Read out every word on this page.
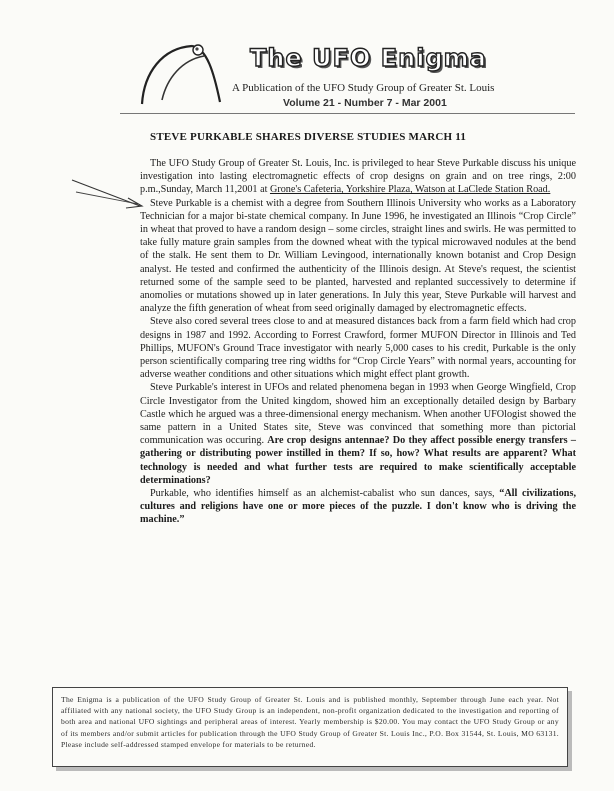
The UFO Enigma
A Publication of the UFO Study Group of Greater St. Louis
Volume 21 - Number 7 - Mar 2001
STEVE PURKABLE SHARES DIVERSE STUDIES MARCH 11

The UFO Study Group of Greater St. Louis, Inc. is privileged to hear Steve Purkable discuss his unique investigation into lasting electromagnetic effects of crop designs on grain and on tree rings, 2:00 p.m.,Sunday, March 11,2001 at Grone's Cafeteria, Yorkshire Plaza, Watson at LaClede Station Road.

Steve Purkable is a chemist with a degree from Southern Illinois University who works as a Laboratory Technician for a major bi-state chemical company. In June 1996, he investigated an Illinois “Crop Circle” in wheat that proved to have a random design – some circles, straight lines and swirls. He was permitted to take fully mature grain samples from the downed wheat with the typical microwaved nodules at the bend of the stalk. He sent them to Dr. William Levingood, internationally known botanist and Crop Design analyst. He tested and confirmed the authenticity of the Illinois design. At Steve's request, the scientist returned some of the sample seed to be planted, harvested and replanted successively to determine if anomolies or mutations showed up in later generations. In July this year, Steve Purkable will harvest and analyze the fifth generation of wheat from seed originally damaged by electromagnetic effects.

Steve also cored several trees close to and at measured distances back from a farm field which had crop designs in 1987 and 1992. According to Forrest Crawford, former MUFON Director in Illinois and Ted Phillips, MUFON's Ground Trace investigator with nearly 5,000 cases to his credit, Purkable is the only person scientifically comparing tree ring widths for “Crop Circle Years” with normal years, accounting for adverse weather conditions and other situations which might effect plant growth.

Steve Purkable's interest in UFOs and related phenomena began in 1993 when George Wingfield, Crop Circle Investigator from the United kingdom, showed him an exceptionally detailed design by Barbary Castle which he argued was a three-dimensional energy mechanism. When another UFOlogist showed the same pattern in a United States site, Steve was convinced that something more than pictorial communication was occuring. Are crop designs antennae? Do they affect possible energy transfers – gathering or distributing power instilled in them? If so, how? What results are apparent? What technology is needed and what further tests are required to make scientifically acceptable determinations?

Purkable, who identifies himself as an alchemist-cabalist who sun dances, says, “All civilizations, cultures and religions have one or more pieces of the puzzle. I don't know who is driving the machine.”

The Enigma is a publication of the UFO Study Group of Greater St. Louis and is published monthly, September through June each year. Not affiliated with any national society, the UFO Study Group is an independent, non-profit organization dedicated to the investigation and reporting of both area and national UFO sightings and peripheral areas of interest. Yearly membership is $20.00. You may contact the UFO Study Group or any of its members and/or submit articles for publication through the UFO Study Group of Greater St. Louis Inc., P.O. Box 31544, St. Louis, MO 63131. Please include self-addressed stamped envelope for materials to be returned.
